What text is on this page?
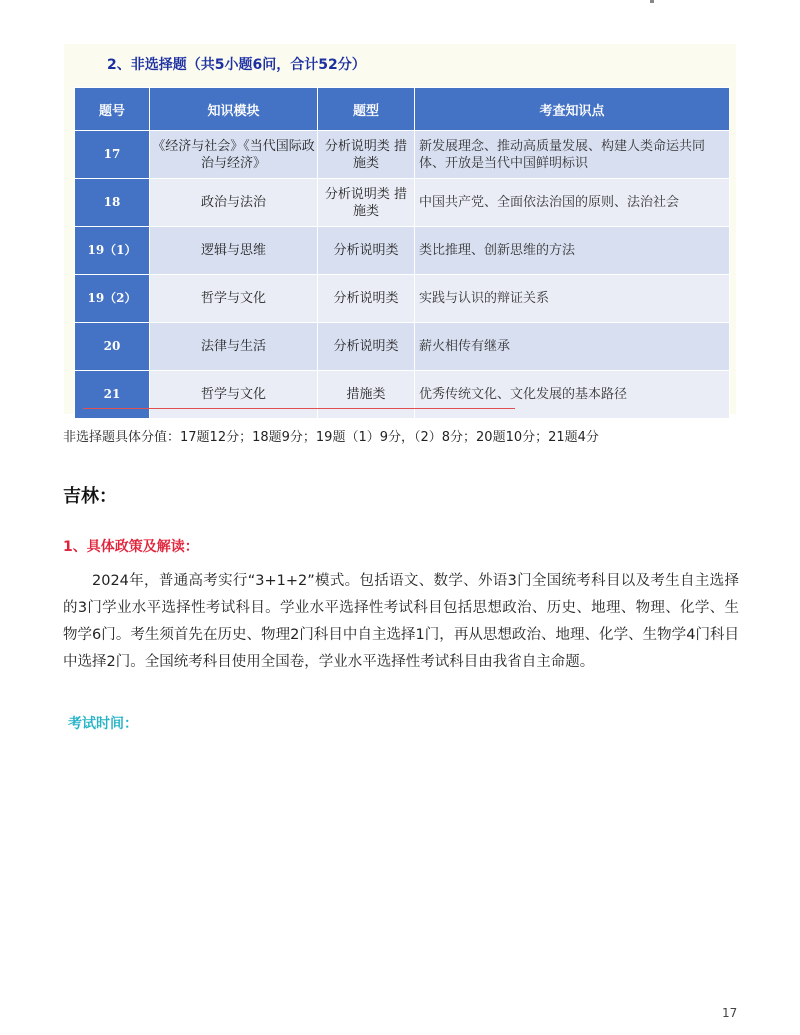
2、非选择题（共5小题6问，合计52分）
题号	知识模块	题型	考查知识点
17	《经济与社会》《当代国际政治与经济》	分析说明类 措施类	新发展理念、推动高质量发展、构建人类命运共同体、开放是当代中国鲜明标识
18	政治与法治	分析说明类 措施类	中国共产党、全面依法治国的原则、法治社会
19（1）	逻辑与思维	分析说明类	类比推理、创新思维的方法
19（2）	哲学与文化	分析说明类	实践与认识的辩证关系
20	法律与生活	分析说明类	薪火相传有继承
21	哲学与文化	措施类	优秀传统文化、文化发展的基本路径
非选择题具体分值：17题12分；18题9分；19题（1）9分，（2）8分；20题10分；21题4分
吉林：
1、具体政策及解读：
2024年，普通高考实行“3+1+2”模式。包括语文、数学、外语3门全国统考科目以及考生自主选择的3门学业水平选择性考试科目。学业水平选择性考试科目包括思想政治、历史、地理、物理、化学、生物学6门。考生须首先在历史、物理2门科目中自主选择1门，再从思想政治、地理、化学、生物学4门科目中选择2门。全国统考科目使用全国卷，学业水平选择性考试科目由我省自主命题。
考试时间：
17
